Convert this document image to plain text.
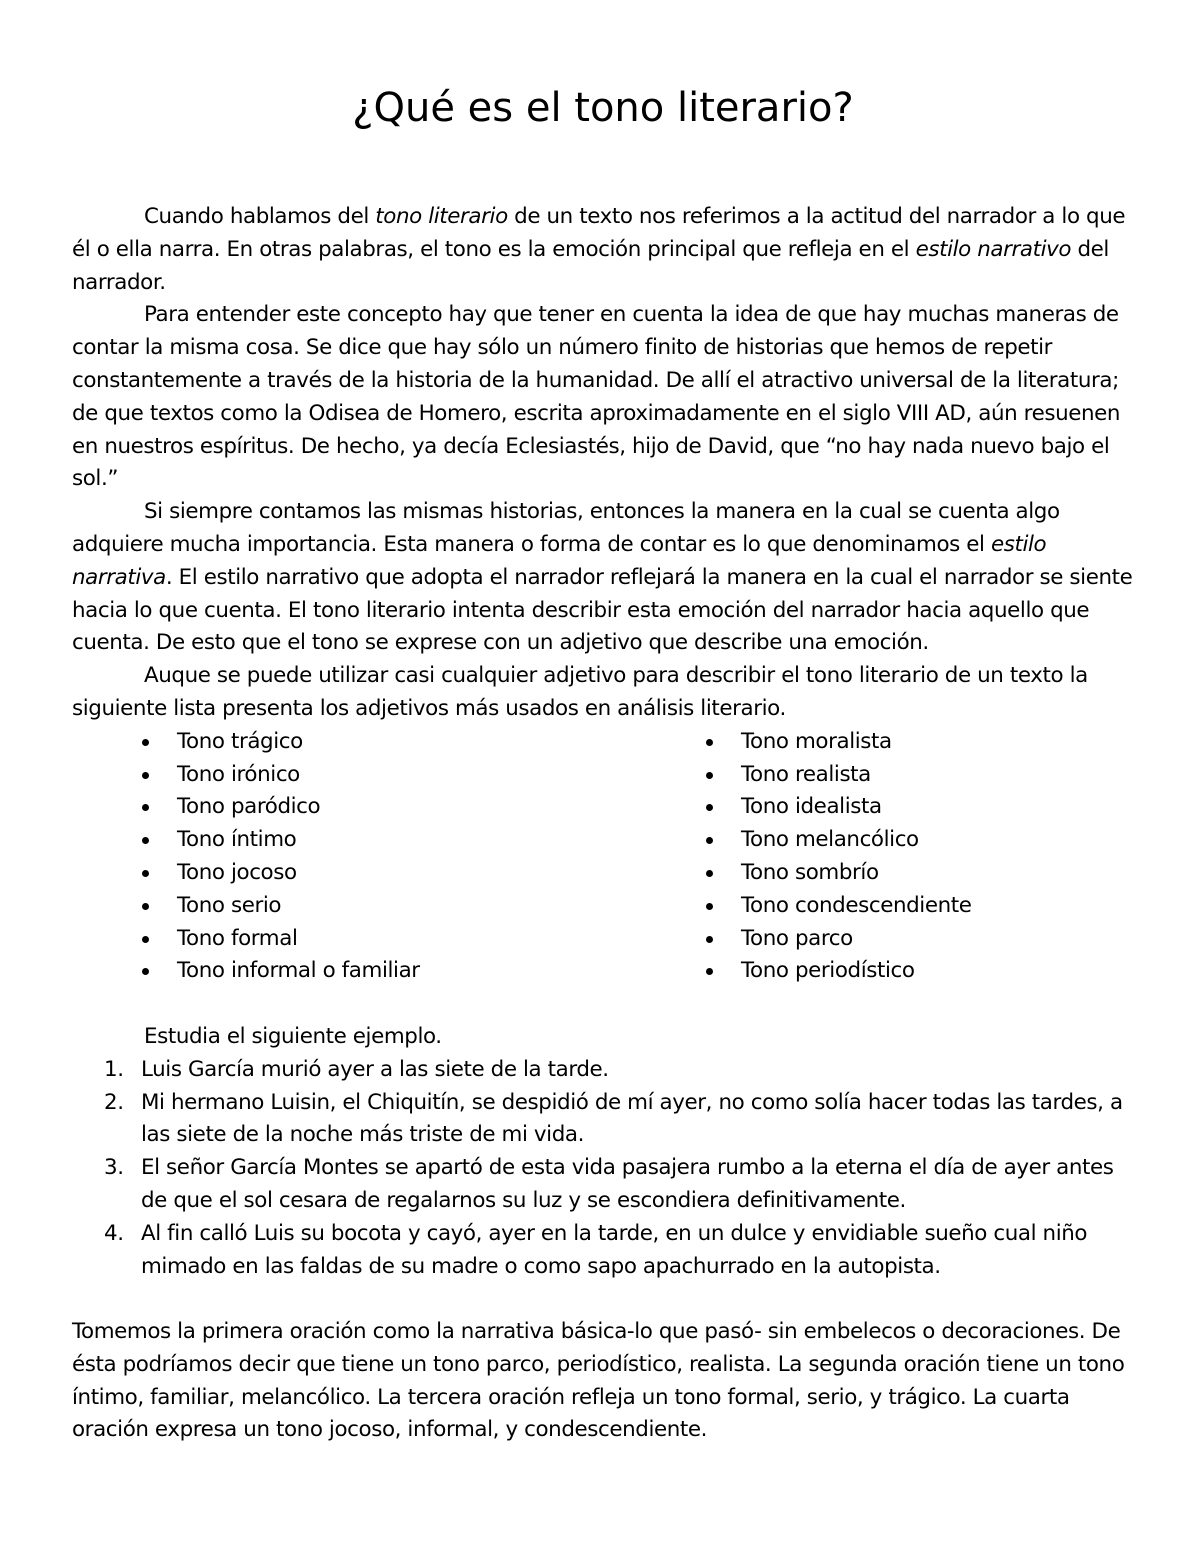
¿Qué es el tono literario?

Cuando hablamos del tono literario de un texto nos referimos a la actitud del narrador a lo que él o ella narra. En otras palabras, el tono es la emoción principal que refleja en el estilo narrativo del narrador.

Para entender este concepto hay que tener en cuenta la idea de que hay muchas maneras de contar la misma cosa. Se dice que hay sólo un número finito de historias que hemos de repetir constantemente a través de la historia de la humanidad. De allí el atractivo universal de la literatura; de que textos como la Odisea de Homero, escrita aproximadamente en el siglo VIII AD, aún resuenen en nuestros espíritus. De hecho, ya decía Eclesiastés, hijo de David, que “no hay nada nuevo bajo el sol.”

Si siempre contamos las mismas historias, entonces la manera en la cual se cuenta algo adquiere mucha importancia. Esta manera o forma de contar es lo que denominamos el estilo narrativa. El estilo narrativo que adopta el narrador reflejará la manera en la cual el narrador se siente hacia lo que cuenta. El tono literario intenta describir esta emoción del narrador hacia aquello que cuenta. De esto que el tono se exprese con un adjetivo que describe una emoción.

Auque se puede utilizar casi cualquier adjetivo para describir el tono literario de un texto la siguiente lista presenta los adjetivos más usados en análisis literario.

Tono trágico
Tono irónico
Tono paródico
Tono íntimo
Tono jocoso
Tono serio
Tono formal
Tono informal o familiar
Tono moralista
Tono realista
Tono idealista
Tono melancólico
Tono sombrío
Tono condescendiente
Tono parco
Tono periodístico

Estudia el siguiente ejemplo.

1. Luis García murió ayer a las siete de la tarde.
2. Mi hermano Luisin, el Chiquitín, se despidió de mí ayer, no como solía hacer todas las tardes, a las siete de la noche más triste de mi vida.
3. El señor García Montes se apartó de esta vida pasajera rumbo a la eterna el día de ayer antes de que el sol cesara de regalarnos su luz y se escondiera definitivamente.
4. Al fin calló Luis su bocota y cayó, ayer en la tarde, en un dulce y envidiable sueño cual niño mimado en las faldas de su madre o como sapo apachurrado en la autopista.

Tomemos la primera oración como la narrativa básica-lo que pasó- sin embelecos o decoraciones. De ésta podríamos decir que tiene un tono parco, periodístico, realista. La segunda oración tiene un tono íntimo, familiar, melancólico. La tercera oración refleja un tono formal, serio, y trágico. La cuarta oración expresa un tono jocoso, informal, y condescendiente.
